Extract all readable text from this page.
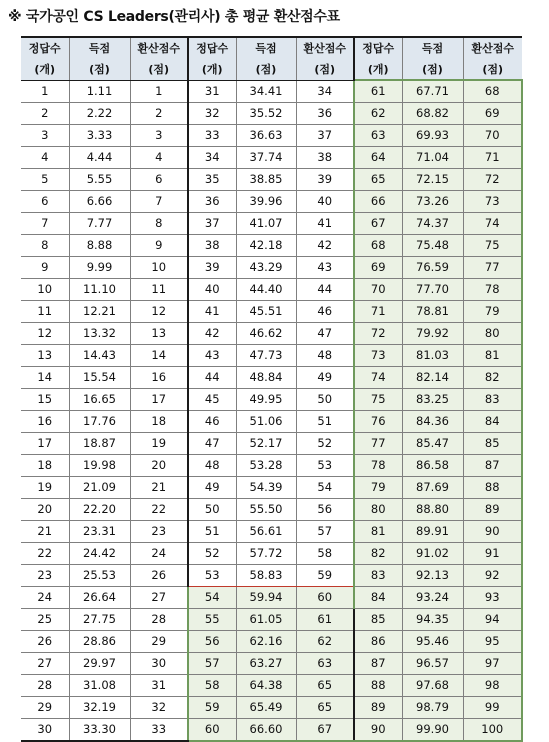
※ 국가공인 CS Leaders(관리사) 총 평균 환산점수표
정답수	득점	환산점수	정답수	득점	환산점수	정답수	득점	환산점수
(개)	(점)	(점)	(개)	(점)	(점)	(개)	(점)	(점)
1	1.11	1	31	34.41	34	61	67.71	68
2	2.22	2	32	35.52	36	62	68.82	69
3	3.33	3	33	36.63	37	63	69.93	70
4	4.44	4	34	37.74	38	64	71.04	71
5	5.55	6	35	38.85	39	65	72.15	72
6	6.66	7	36	39.96	40	66	73.26	73
7	7.77	8	37	41.07	41	67	74.37	74
8	8.88	9	38	42.18	42	68	75.48	75
9	9.99	10	39	43.29	43	69	76.59	77
10	11.10	11	40	44.40	44	70	77.70	78
11	12.21	12	41	45.51	46	71	78.81	79
12	13.32	13	42	46.62	47	72	79.92	80
13	14.43	14	43	47.73	48	73	81.03	81
14	15.54	16	44	48.84	49	74	82.14	82
15	16.65	17	45	49.95	50	75	83.25	83
16	17.76	18	46	51.06	51	76	84.36	84
17	18.87	19	47	52.17	52	77	85.47	85
18	19.98	20	48	53.28	53	78	86.58	87
19	21.09	21	49	54.39	54	79	87.69	88
20	22.20	22	50	55.50	56	80	88.80	89
21	23.31	23	51	56.61	57	81	89.91	90
22	24.42	24	52	57.72	58	82	91.02	91
23	25.53	26	53	58.83	59	83	92.13	92
24	26.64	27	54	59.94	60	84	93.24	93
25	27.75	28	55	61.05	61	85	94.35	94
26	28.86	29	56	62.16	62	86	95.46	95
27	29.97	30	57	63.27	63	87	96.57	97
28	31.08	31	58	64.38	65	88	97.68	98
29	32.19	32	59	65.49	65	89	98.79	99
30	33.30	33	60	66.60	67	90	99.90	100
